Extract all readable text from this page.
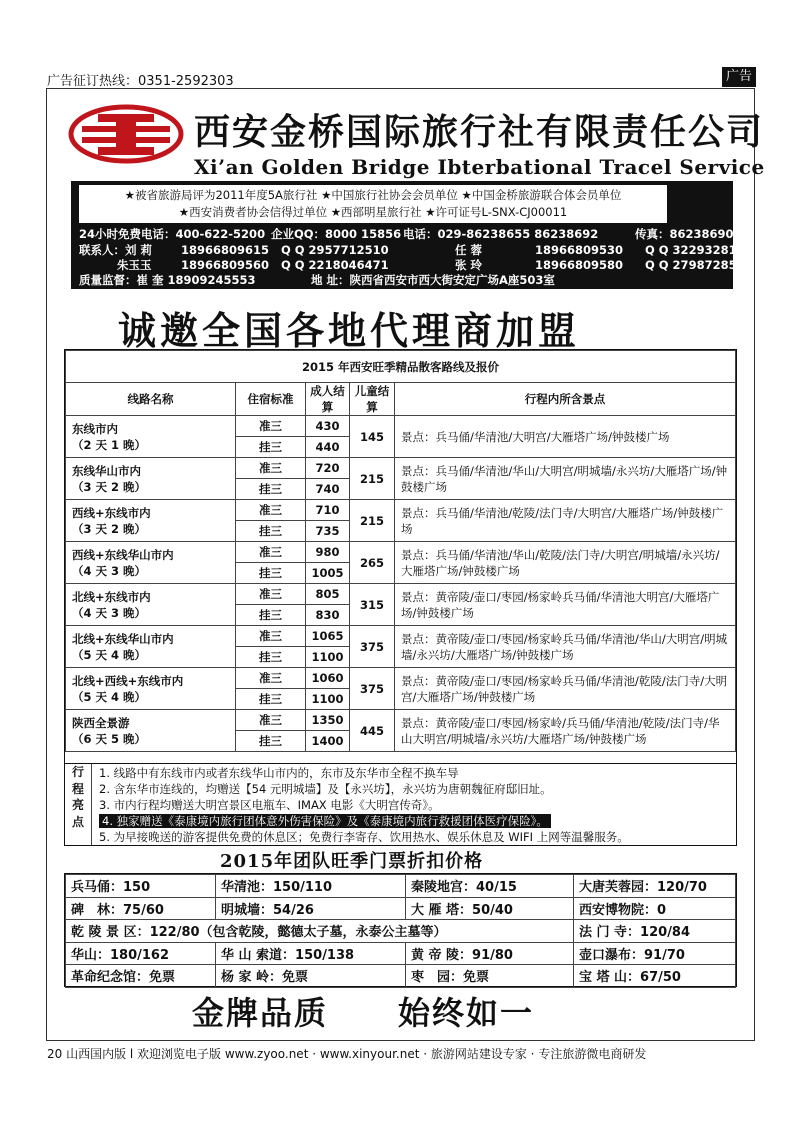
广告征订热线：0351-2592303	广告
西安金桥国际旅行社有限责任公司
Xi’an Golden Bridge Ibterbational Tracel Service
★被省旅游局评为2011年度5A旅行社 ★中国旅行社协会会员单位 ★中国金桥旅游联合体会员单位
★西安消费者协会信得过单位 ★西部明星旅行社 ★许可证号L-SNX-CJ00011
24小时免费电话：400-622-5200 企业QQ：8000 15856 电话：029-86238655 86238692	传真：86238690
联系人：刘 莉	18966809615 Q Q 2957712510	任 蓉	18966809530 Q Q 3229328149
朱玉玉	18966809560 Q Q 2218046471	张 玲	18966809580 Q Q 2798728542
质量监督：崔 奎 18909245553	地 址：陕西省西安市西大街安定广场A座503室
诚邀全国各地代理商加盟
2015 年西安旺季精品散客路线及报价				
线路名称	住宿标准	成人结算	儿童结算	行程内所含景点

东线市内
（2 天 1 晚）	准三	430	145	景点：兵马俑/华清池/大明宫/大雁塔广场/钟鼓楼广场
	挂三	440		

东线华山市内
（3 天 2 晚）	准三	720	215	景点：兵马俑/华清池/华山/大明宫/明城墙/永兴坊/大雁塔广场/钟鼓楼广场
	挂三	740		

西线+东线市内
（3 天 2 晚）	准三	710	215	景点：兵马俑/华清池/乾陵/法门寺/大明宫/大雁塔广场/钟鼓楼广场
	挂三	735		

西线+东线华山市内
（4 天 3 晚）	准三	980	265	景点：兵马俑/华清池/华山/乾陵/法门寺/大明宫/明城墙/永兴坊/大雁塔广场/钟鼓楼广场
	挂三	1005		

北线+东线市内
（4 天 3 晚）	准三	805	315	景点：黄帝陵/壶口/枣园/杨家岭兵马俑/华清池大明宫/大雁塔广场/钟鼓楼广场
	挂三	830		

北线+东线华山市内
（5 天 4 晚）	准三	1065	375	景点：黄帝陵/壶口/枣园/杨家岭兵马俑/华清池/华山/大明宫/明城墙/永兴坊/大雁塔广场/钟鼓楼广场
	挂三	1100		

北线+西线+东线市内
（5 天 4 晚）	准三	1060	375	景点：黄帝陵/壶口/枣园/杨家岭兵马俑/华清池/乾陵/法门寺/大明宫/大雁塔广场/钟鼓楼广场
	挂三	1100		

陕西全景游
（6 天 5 晚）	准三	1350	445	景点：黄帝陵/壶口/枣园/杨家岭/兵马俑/华清池/乾陵/法门寺/华山大明宫/明城墙/永兴坊/大雁塔广场/钟鼓楼广场
	挂三	1400		
行程亮点
1. 线路中有东线市内或者东线华山市内的，东市及东华市全程不换车导
2. 含东华市连线的，均赠送【54 元明城墙】及【永兴坊】，永兴坊为唐朝魏征府邸旧址。
3. 市内行程均赠送大明宫景区电瓶车、IMAX 电影《大明宫传奇》。
4. 独家赠送《泰康境内旅行团体意外伤害保险》及《泰康境内旅行救援团体医疗保险》。
5. 为早接晚送的游客提供免费的休息区；免费行李寄存、饮用热水、娱乐休息及 WIFI 上网等温馨服务。
2015年团队旺季门票折扣价格
兵马俑：150	华清池：150/110	秦陵地宫：40/15	大唐芙蓉园：120/70
碑　林：75/60	明城墙：54/26	大 雁 塔：50/40	西安博物院：0
乾 陵 景 区：122/80（包含乾陵，懿德太子墓，永泰公主墓等）			法 门 寺：120/84
华山：180/162	华 山 索道：150/138	黄 帝 陵：91/80	壶口瀑布：91/70
革命纪念馆：免票	杨 家 岭：免票	枣　园：免票	宝 塔 山：67/50
金牌品质 始终如一
20 山西国内版 l 欢迎浏览电子版 www.zyoo.net · www.xinyour.net · 旅游网站建设专家 · 专注旅游微电商研发
